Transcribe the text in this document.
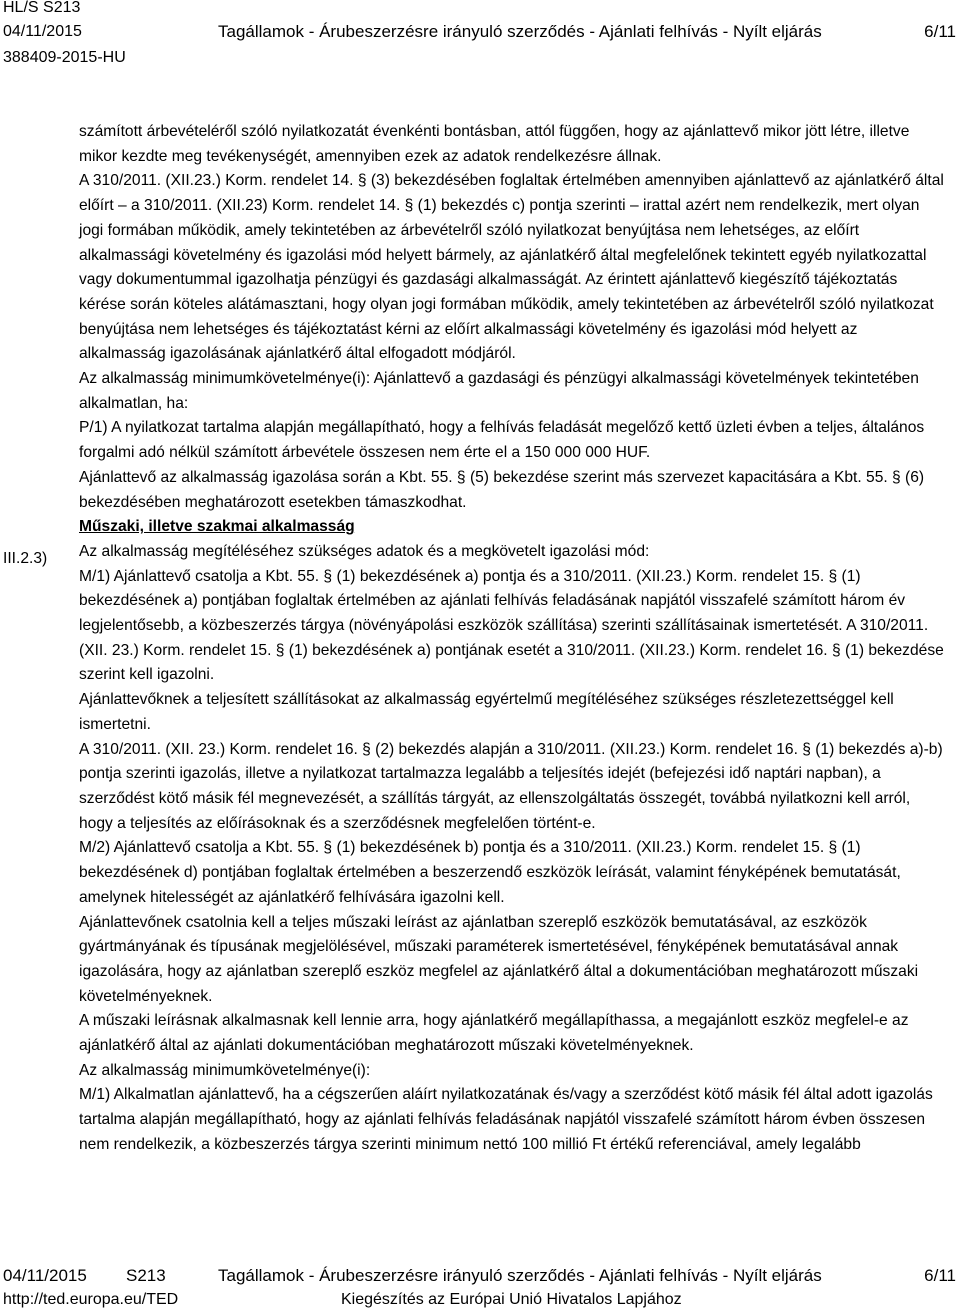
HL/S S213
04/11/2015	Tagállamok - Árubeszerzésre irányuló szerződés - Ajánlati felhívás - Nyílt eljárás	6/11
388409-2015-HU
III.2.3)

számított árbevételéről szóló nyilatkozatát évenkénti bontásban, attól függően, hogy az ajánlattevő mikor jött létre, illetve mikor kezdte meg tevékenységét, amennyiben ezek az adatok rendelkezésre állnak.

A 310/2011. (XII.23.) Korm. rendelet 14. § (3) bekezdésében foglaltak értelmében amennyiben ajánlattevő az ajánlatkérő által előírt – a 310/2011. (XII.23) Korm. rendelet 14. § (1) bekezdés c) pontja szerinti – irattal azért nem rendelkezik, mert olyan jogi formában működik, amely tekintetében az árbevételről szóló nyilatkozat benyújtása nem lehetséges, az előírt alkalmassági követelmény és igazolási mód helyett bármely, az ajánlatkérő által megfelelőnek tekintett egyéb nyilatkozattal vagy dokumentummal igazolhatja pénzügyi és gazdasági alkalmasságát. Az érintett ajánlattevő kiegészítő tájékoztatás kérése során köteles alátámasztani, hogy olyan jogi formában működik, amely tekintetében az árbevételről szóló nyilatkozat benyújtása nem lehetséges és tájékoztatást kérni az előírt alkalmassági követelmény és igazolási mód helyett az alkalmasság igazolásának ajánlatkérő által elfogadott módjáról.

Az alkalmasság minimumkövetelménye(i): Ajánlattevő a gazdasági és pénzügyi alkalmassági követelmények tekintetében alkalmatlan, ha:

P/1) A nyilatkozat tartalma alapján megállapítható, hogy a felhívás feladását megelőző kettő üzleti évben a teljes, általános forgalmi adó nélkül számított árbevétele összesen nem érte el a 150 000 000 HUF.

Ajánlattevő az alkalmasság igazolása során a Kbt. 55. § (5) bekezdése szerint más szervezet kapacitására a Kbt. 55. § (6) bekezdésében meghatározott esetekben támaszkodhat.

Műszaki, illetve szakmai alkalmasság

Az alkalmasság megítéléséhez szükséges adatok és a megkövetelt igazolási mód:

M/1) Ajánlattevő csatolja a Kbt. 55. § (1) bekezdésének a) pontja és a 310/2011. (XII.23.) Korm. rendelet 15. § (1) bekezdésének a) pontjában foglaltak értelmében az ajánlati felhívás feladásának napjától visszafelé számított három év legjelentősebb, a közbeszerzés tárgya (növényápolási eszközök szállítása) szerinti szállításainak ismertetését. A 310/2011. (XII. 23.) Korm. rendelet 15. § (1) bekezdésének a) pontjának esetét a 310/2011. (XII.23.) Korm. rendelet 16. § (1) bekezdése szerint kell igazolni.

Ajánlattevőknek a teljesített szállításokat az alkalmasság egyértelmű megítéléséhez szükséges részletezettséggel kell ismertetni.

A 310/2011. (XII. 23.) Korm. rendelet 16. § (2) bekezdés alapján a 310/2011. (XII.23.) Korm. rendelet 16. § (1) bekezdés a)-b) pontja szerinti igazolás, illetve a nyilatkozat tartalmazza legalább a teljesítés idejét (befejezési idő naptári napban), a szerződést kötő másik fél megnevezését, a szállítás tárgyát, az ellenszolgáltatás összegét, továbbá nyilatkozni kell arról, hogy a teljesítés az előírásoknak és a szerződésnek megfelelően történt-e.

M/2) Ajánlattevő csatolja a Kbt. 55. § (1) bekezdésének b) pontja és a 310/2011. (XII.23.) Korm. rendelet 15. § (1) bekezdésének d) pontjában foglaltak értelmében a beszerzendő eszközök leírását, valamint fényképének bemutatását, amelynek hitelességét az ajánlatkérő felhívására igazolni kell.

Ajánlattevőnek csatolnia kell a teljes műszaki leírást az ajánlatban szereplő eszközök bemutatásával, az eszközök gyártmányának és típusának megjelölésével, műszaki paraméterek ismertetésével, fényképének bemutatásával annak igazolására, hogy az ajánlatban szereplő eszköz megfelel az ajánlatkérő által a dokumentációban meghatározott műszaki követelményeknek.

A műszaki leírásnak alkalmasnak kell lennie arra, hogy ajánlatkérő megállapíthassa, a megajánlott eszköz megfelel-e az ajánlatkérő által az ajánlati dokumentációban meghatározott műszaki követelményeknek.

Az alkalmasság minimumkövetelménye(i):

M/1) Alkalmatlan ajánlattevő, ha a cégszerűen aláírt nyilatkozatának és/vagy a szerződést kötő másik fél által adott igazolás tartalma alapján megállapítható, hogy az ajánlati felhívás feladásának napjától visszafelé számított három évben összesen nem rendelkezik, a közbeszerzés tárgya szerinti minimum nettó 100 millió Ft értékű referenciával, amely legalább

04/11/2015 S213	Tagállamok - Árubeszerzésre irányuló szerződés - Ajánlati felhívás - Nyílt eljárás	6/11
http://ted.europa.eu/TED	Kiegészítés az Európai Unió Hivatalos Lapjához
